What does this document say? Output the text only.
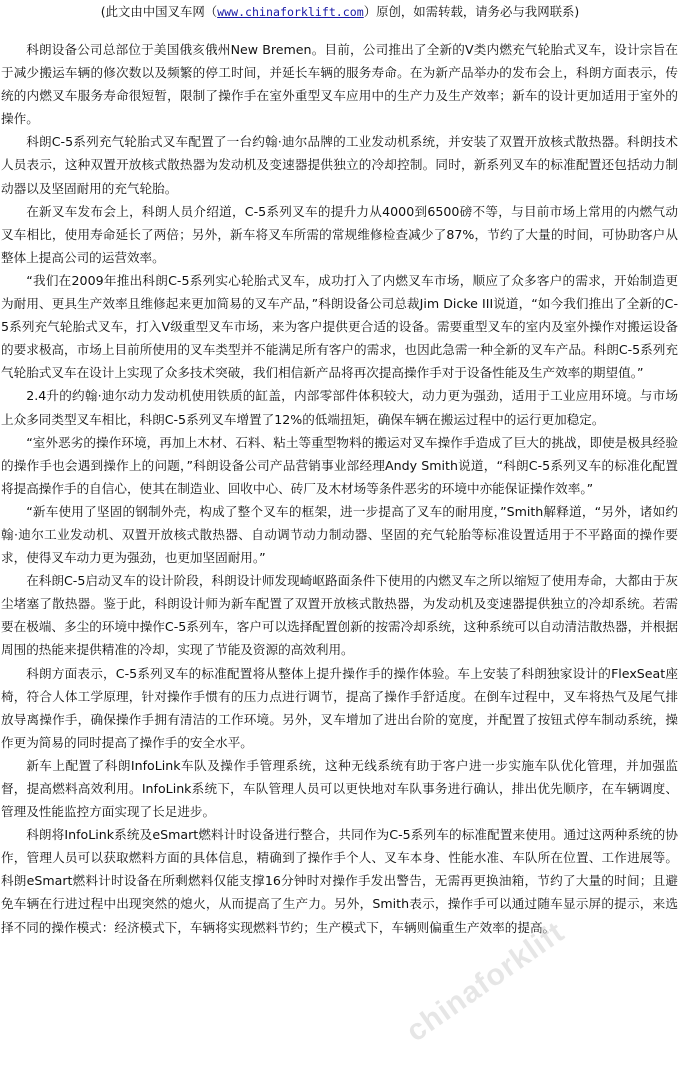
(此文由中国叉车网（www.chinaforklift.com）原创，如需转载，请务必与我网联系)

科朗设备公司总部位于美国俄亥俄州New Bremen。目前，公司推出了全新的V类内燃充气轮胎式叉车，设计宗旨在于减少搬运车辆的修次数以及频繁的停工时间，并延长车辆的服务寿命。在为新产品举办的发布会上，科朗方面表示，传统的内燃叉车服务寿命很短暂，限制了操作手在室外重型叉车应用中的生产力及生产效率；新车的设计更加适用于室外的操作。

科朗C-5系列充气轮胎式叉车配置了一台约翰·迪尔品牌的工业发动机系统，并安装了双置开放核式散热器。科朗技术人员表示，这种双置开放核式散热器为发动机及变速器提供独立的冷却控制。同时，新系列叉车的标准配置还包括动力制动器以及坚固耐用的充气轮胎。

在新叉车发布会上，科朗人员介绍道，C-5系列叉车的提升力从4000到6500磅不等，与目前市场上常用的内燃气动叉车相比，使用寿命延长了两倍；另外，新车将叉车所需的常规维修检查减少了87%，节约了大量的时间，可协助客户从整体上提高公司的运营效率。

“我们在2009年推出科朗C-5系列实心轮胎式叉车，成功打入了内燃叉车市场，顺应了众多客户的需求，开始制造更为耐用、更具生产效率且维修起来更加简易的叉车产品，”科朗设备公司总裁Jim Dicke III说道，“如今我们推出了全新的C-5系列充气轮胎式叉车，打入V级重型叉车市场，来为客户提供更合适的设备。需要重型叉车的室内及室外操作对搬运设备的要求极高，市场上目前所使用的叉车类型并不能满足所有客户的需求，也因此急需一种全新的叉车产品。科朗C-5系列充气轮胎式叉车在设计上实现了众多技术突破，我们相信新产品将再次提高操作手对于设备性能及生产效率的期望值。”

2.4升的约翰·迪尔动力发动机使用铁质的缸盖，内部零部件体积较大，动力更为强劲，适用于工业应用环境。与市场上众多同类型叉车相比，科朗C-5系列叉车增置了12%的低端扭矩，确保车辆在搬运过程中的运行更加稳定。

“室外恶劣的操作环境，再加上木材、石料、粘土等重型物料的搬运对叉车操作手造成了巨大的挑战，即使是极具经验的操作手也会遇到操作上的问题，”科朗设备公司产品营销事业部经理Andy Smith说道，“科朗C-5系列叉车的标准化配置将提高操作手的自信心，使其在制造业、回收中心、砖厂及木材场等条件恶劣的环境中亦能保证操作效率。”

“新车使用了坚固的钢制外壳，构成了整个叉车的框架，进一步提高了叉车的耐用度，”Smith解释道，“另外，诸如约翰·迪尔工业发动机、双置开放核式散热器、自动调节动力制动器、坚固的充气轮胎等标准设置适用于不平路面的操作要求，使得叉车动力更为强劲，也更加坚固耐用。”

在科朗C-5启动叉车的设计阶段，科朗设计师发现崎岖路面条件下使用的内燃叉车之所以缩短了使用寿命，大都由于灰尘堵塞了散热器。鉴于此，科朗设计师为新车配置了双置开放核式散热器，为发动机及变速器提供独立的冷却系统。若需要在极端、多尘的环境中操作C-5系列车，客户可以选择配置创新的按需冷却系统，这种系统可以自动清洁散热器，并根据周围的热能来提供精准的冷却，实现了节能及资源的高效利用。

科朗方面表示，C-5系列叉车的标准配置将从整体上提升操作手的操作体验。车上安装了科朗独家设计的FlexSeat座椅，符合人体工学原理，针对操作手惯有的压力点进行调节，提高了操作手舒适度。在倒车过程中，叉车将热气及尾气排放导离操作手，确保操作手拥有清洁的工作环境。另外，叉车增加了进出台阶的宽度，并配置了按钮式停车制动系统，操作更为简易的同时提高了操作手的安全水平。

新车上配置了科朗InfoLink车队及操作手管理系统，这种无线系统有助于客户进一步实施车队优化管理，并加强监督，提高燃料高效利用。InfoLink系统下，车队管理人员可以更快地对车队事务进行确认，排出优先顺序，在车辆调度、管理及性能监控方面实现了长足进步。

科朗将InfoLink系统及eSmart燃料计时设备进行整合，共同作为C-5系列车的标准配置来使用。通过这两种系统的协作，管理人员可以获取燃料方面的具体信息，精确到了操作手个人、叉车本身、性能水准、车队所在位置、工作进展等。科朗eSmart燃料计时设备在所剩燃料仅能支撑16分钟时对操作手发出警告，无需再更换油箱，节约了大量的时间；且避免车辆在行进过程中出现突然的熄火，从而提高了生产力。另外，Smith表示，操作手可以通过随车显示屏的提示，来选择不同的操作模式：经济模式下，车辆将实现燃料节约；生产模式下，车辆则偏重生产效率的提高。

chinaforklift
